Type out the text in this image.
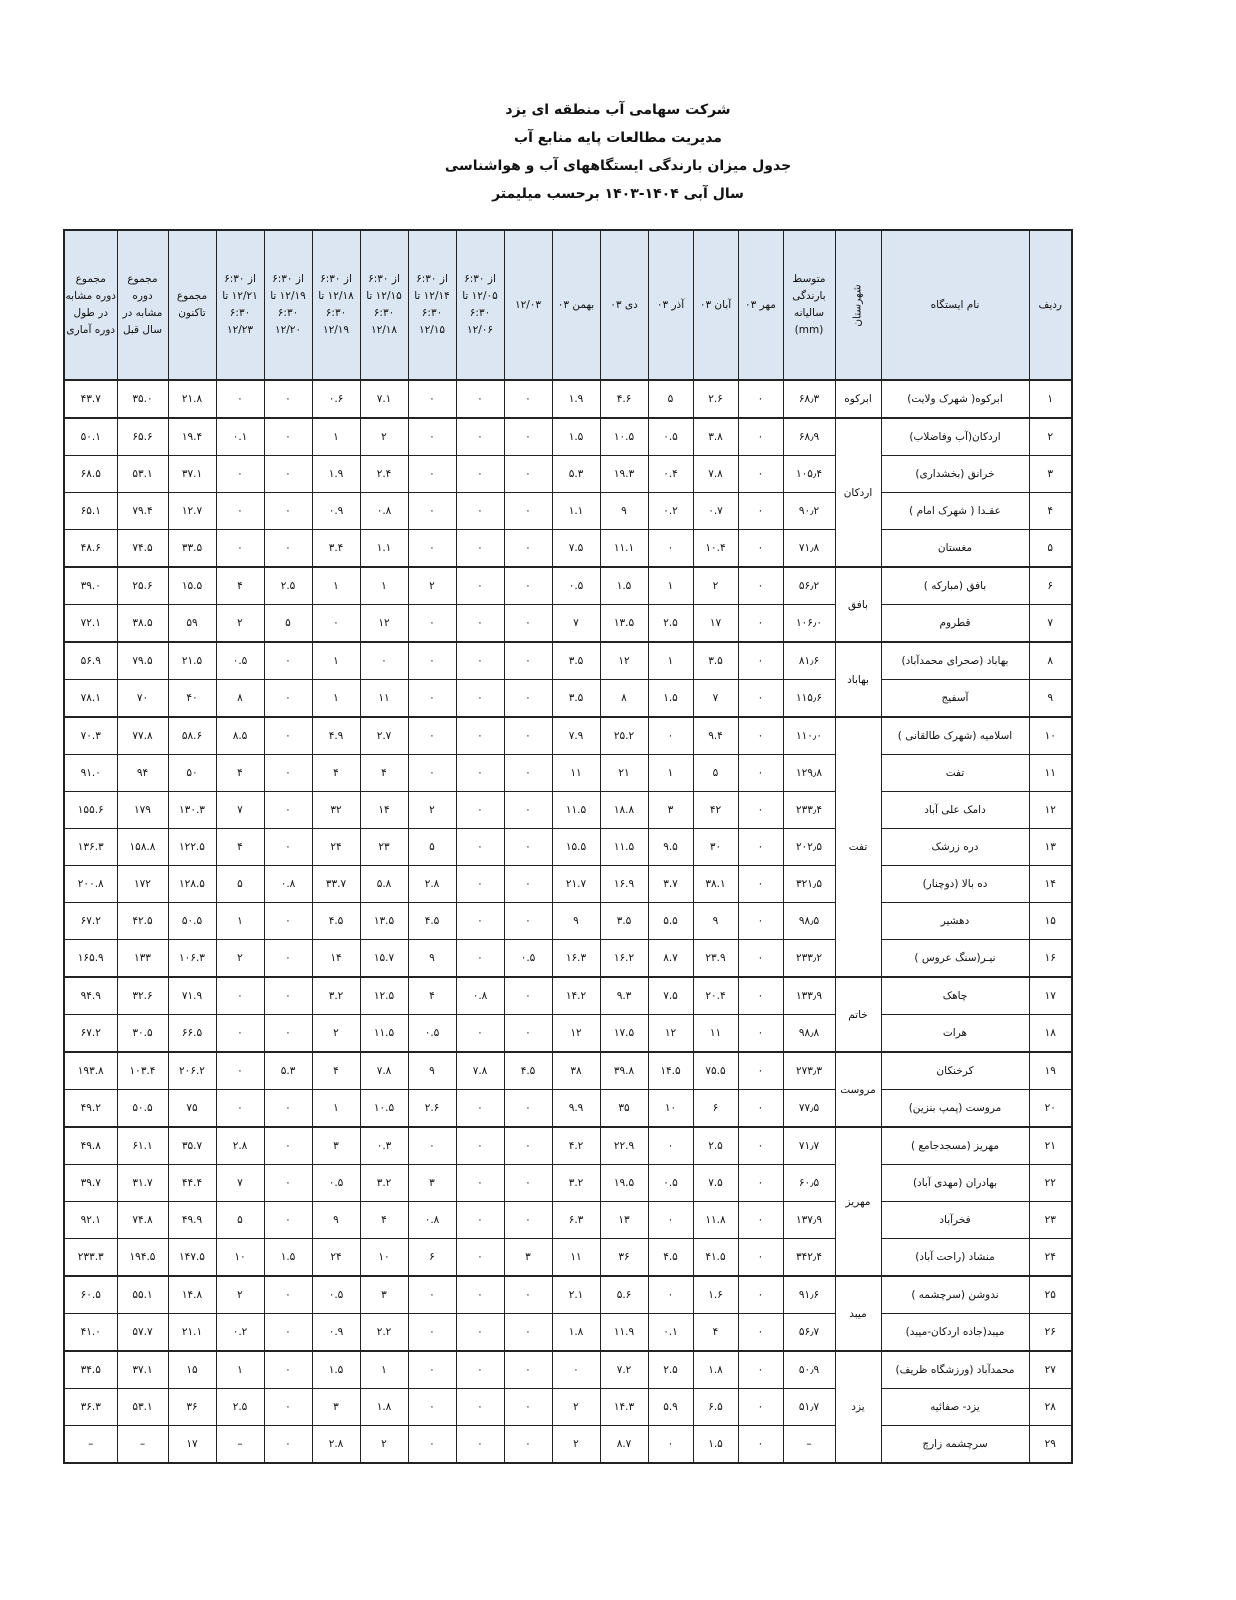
شرکت سهامی آب منطقه ای یزد
مدیریت مطالعات پایه منابع آب
جدول میزان بارندگی ایستگاههای آب و هواشناسی
سال آبی ۱۴۰۴-۱۴۰۳ برحسب میلیمتر
ردیف	نام ایستگاه	شهرستان	متوسط بارندگی سالیانه (mm)	مهر ۰۳	آبان ۰۳	آذر ۰۳	دی ۰۳	بهمن ۰۳	۱۲/۰۳	از ۶:۳۰ ۱۲/۰۵ تا ۶:۳۰ ۱۲/۰۶	از ۶:۳۰ ۱۲/۱۴ تا ۶:۳۰ ۱۲/۱۵	از ۶:۳۰ ۱۲/۱۵ تا ۶:۳۰ ۱۲/۱۸	از ۶:۳۰ ۱۲/۱۸ تا ۶:۳۰ ۱۲/۱۹	از ۶:۳۰ ۱۲/۱۹ تا ۶:۳۰ ۱۲/۲۰	از ۶:۳۰ ۱۲/۲۱ تا ۶:۳۰ ۱۲/۲۳	مجموع تاکنون	مجموع دوره مشابه در سال قبل	مجموع دوره مشابه در طول دوره آماری
۱	ابرکوه( شهرک ولایت)	ابرکوه	۶۸٫۳	۰	۲.۶	۵	۴.۶	۱.۹	۰	۰	۰	۷.۱	۰.۶	۰	۰	۲۱.۸	۳۵.۰	۴۳.۷
۲	اردکان(آب وفاضلاب)	اردکان	۶۸٫۹	۰	۳.۸	۰.۵	۱۰.۵	۱.۵	۰	۰	۰	۲	۱	۰	۰.۱	۱۹.۴	۶۵.۶	۵۰.۱
۳	خرانق (بخشداری)		۱۰۵٫۴	۰	۷.۸	۰.۴	۱۹.۳	۵.۳	۰	۰	۰	۲.۴	۱.۹	۰	۰	۳۷.۱	۵۳.۱	۶۸.۵
۴	عقـدا ( شهرک امام )		۹۰٫۲	۰	۰.۷	۰.۲	۹	۱.۱	۰	۰	۰	۰.۸	۰.۹	۰	۰	۱۲.۷	۷۹.۴	۶۵.۱
۵	مغستان		۷۱٫۸	۰	۱۰.۴	۰	۱۱.۱	۷.۵	۰	۰	۰	۱.۱	۳.۴	۰	۰	۳۳.۵	۷۴.۵	۴۸.۶
۶	بافق (مبارکه )	بافق	۵۶٫۲	۰	۲	۱	۱.۵	۰.۵	۰	۰	۲	۱	۱	۲.۵	۴	۱۵.۵	۲۵.۶	۳۹.۰
۷	قطروم		۱۰۶٫۰	۰	۱۷	۲.۵	۱۳.۵	۷	۰	۰	۰	۱۲	۰	۵	۲	۵۹	۳۸.۵	۷۲.۱
۸	بهاباد (صحرای محمدآباد)	بهاباد	۸۱٫۶	۰	۳.۵	۱	۱۲	۳.۵	۰	۰	۰	۰	۱	۰	۰.۵	۲۱.۵	۷۹.۵	۵۶.۹
۹	آسفیج		۱۱۵٫۶	۰	۷	۱.۵	۸	۳.۵	۰	۰	۰	۱۱	۱	۰	۸	۴۰	۷۰	۷۸.۱
۱۰	اسلامیه (شهرک طالقانی )	تفت	۱۱۰٫۰	۰	۹.۴	۰	۲۵.۲	۷.۹	۰	۰	۰	۲.۷	۴.۹	۰	۸.۵	۵۸.۶	۷۷.۸	۷۰.۳
۱۱	تفت		۱۲۹٫۸	۰	۵	۱	۲۱	۱۱	۰	۰	۰	۴	۴	۰	۴	۵۰	۹۴	۹۱.۰
۱۲	دامک علی آباد		۲۳۳٫۴	۰	۴۲	۳	۱۸.۸	۱۱.۵	۰	۰	۲	۱۴	۳۲	۰	۷	۱۳۰.۳	۱۷۹	۱۵۵.۶
۱۳	دره زرشک		۲۰۲٫۵	۰	۳۰	۹.۵	۱۱.۵	۱۵.۵	۰	۰	۵	۲۳	۲۴	۰	۴	۱۲۲.۵	۱۵۸.۸	۱۳۶.۳
۱۴	ده بالا (دوچنار)		۳۲۱٫۵	۰	۳۸.۱	۳.۷	۱۶.۹	۲۱.۷	۰	۰	۲.۸	۵.۸	۳۳.۷	۰.۸	۵	۱۲۸.۵	۱۷۲	۲۰۰.۸
۱۵	دهشیر		۹۸٫۵	۰	۹	۵.۵	۳.۵	۹	۰	۰	۴.۵	۱۳.۵	۴.۵	۰	۱	۵۰.۵	۴۲.۵	۶۷.۲
۱۶	نیـر(سنگ عروس )		۲۳۳٫۲	۰	۲۳.۹	۸.۷	۱۶.۲	۱۶.۳	۰.۵	۰	۹	۱۵.۷	۱۴	۰	۲	۱۰۶.۳	۱۳۳	۱۶۵.۹
۱۷	چاهک	خاتم	۱۳۳٫۹	۰	۲۰.۴	۷.۵	۹.۳	۱۴.۲	۰	۰.۸	۴	۱۲.۵	۳.۲	۰	۰	۷۱.۹	۳۲.۶	۹۴.۹
۱۸	هرات		۹۸٫۸	۰	۱۱	۱۲	۱۷.۵	۱۲	۰	۰	۰.۵	۱۱.۵	۲	۰	۰	۶۶.۵	۳۰.۵	۶۷.۲
۱۹	کرخنکان	مروست	۲۷۳٫۳	۰	۷۵.۵	۱۴.۵	۳۹.۸	۳۸	۴.۵	۷.۸	۹	۷.۸	۴	۵.۳	۰	۲۰۶.۲	۱۰۳.۴	۱۹۳.۸
۲۰	مروست (پمپ بنزین)		۷۷٫۵	۰	۶	۱۰	۳۵	۹.۹	۰	۰	۲.۶	۱۰.۵	۱	۰	۰	۷۵	۵۰.۵	۴۹.۲
۲۱	مهریز (مسجدجامع )	مهریز	۷۱٫۷	۰	۲.۵	۰	۲۲.۹	۴.۲	۰	۰	۰	۰.۳	۳	۰	۲.۸	۳۵.۷	۶۱.۱	۴۹.۸
۲۲	بهادران (مهدی آباد)		۶۰٫۵	۰	۷.۵	۰.۵	۱۹.۵	۳.۲	۰	۰	۳	۳.۲	۰.۵	۰	۷	۴۴.۴	۳۱.۷	۳۹.۷
۲۳	فخرآباد		۱۳۷٫۹	۰	۱۱.۸	۰	۱۳	۶.۳	۰	۰	۰.۸	۴	۹	۰	۵	۴۹.۹	۷۴.۸	۹۲.۱
۲۴	منشاد (راحت آباد)		۳۴۲٫۴	۰	۴۱.۵	۴.۵	۳۶	۱۱	۳	۰	۶	۱۰	۲۴	۱.۵	۱۰	۱۴۷.۵	۱۹۴.۵	۲۳۳.۳
۲۵	ندوشن (سرچشمه )	میبد	۹۱٫۶	۰	۱.۶	۰	۵.۶	۲.۱	۰	۰	۰	۳	۰.۵	۰	۲	۱۴.۸	۵۵.۱	۶۰.۵
۲۶	میبد(جاده اردکان-میبد)		۵۶٫۷	۰	۴	۰.۱	۱۱.۹	۱.۸	۰	۰	۰	۲.۲	۰.۹	۰	۰.۲	۲۱.۱	۵۷.۷	۴۱.۰
۲۷	محمدآباد (ورزشگاه ظریف)	یزد	۵۰٫۹	۰	۱.۸	۲.۵	۷.۲	۰	۰	۰	۰	۱	۱.۵	۰	۱	۱۵	۳۷.۱	۳۴.۵
۲۸	یزد- صفائیه		۵۱٫۷	۰	۶.۵	۵.۹	۱۴.۳	۲	۰	۰	۰	۱.۸	۳	۰	۲.۵	۳۶	۵۳.۱	۳۶.۳
۲۹	سرچشمه زارچ		–	۰	۱.۵	۰	۸.۷	۲	۰	۰	۰	۲	۲.۸	۰	–	۱۷	–	–
